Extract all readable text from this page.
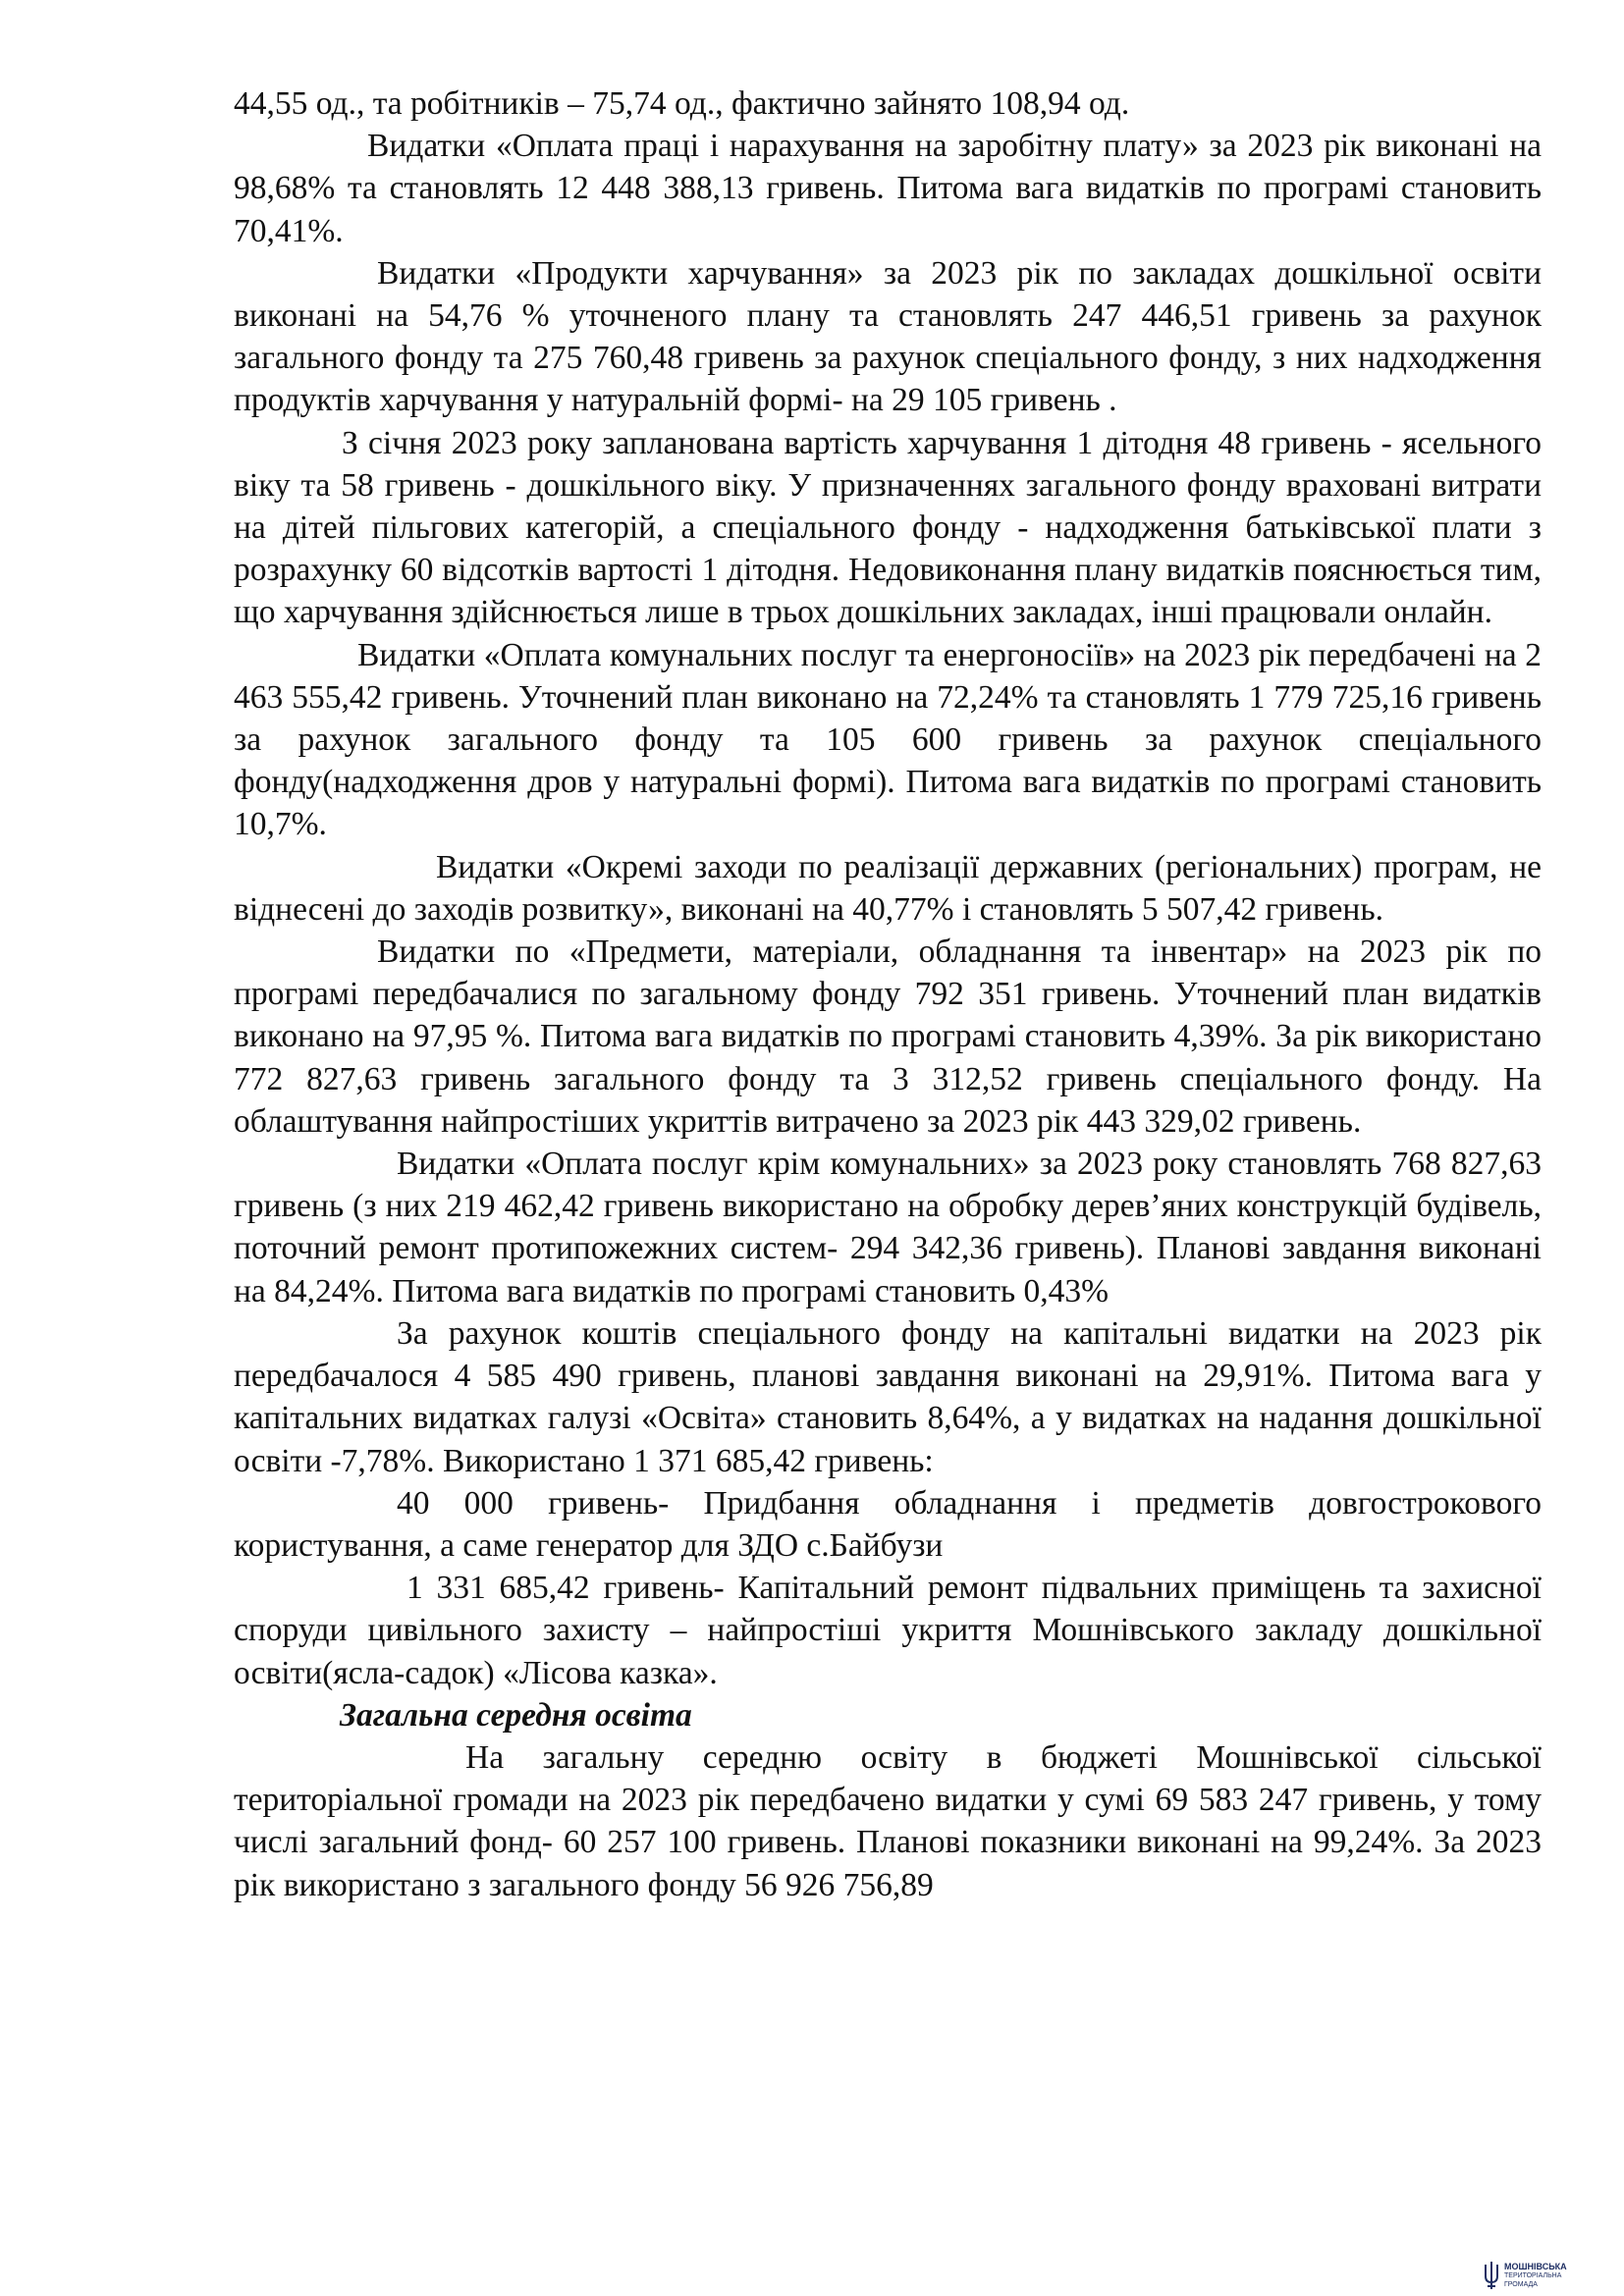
44,55 од., та робітників – 75,74 од., фактично зайнято 108,94 од.

Видатки «Оплата праці і нарахування на заробітну плату» за 2023 рік виконані на 98,68% та становлять 12 448 388,13 гривень. Питома вага видатків по програмі становить 70,41%.

Видатки «Продукти харчування» за 2023 рік по закладах дошкільної освіти виконані на 54,76 % уточненого плану та становлять 247 446,51 гривень за рахунок загального фонду та 275 760,48 гривень за рахунок спеціального фонду, з них надходження продуктів харчування у натуральній формі- на 29 105 гривень .

З січня 2023 року запланована вартість харчування 1 дітодня 48 гривень - ясельного віку та 58 гривень - дошкільного віку. У призначеннях загального фонду враховані витрати на дітей пільгових категорій, а спеціального фонду - надходження батьківської плати з розрахунку 60 відсотків вартості 1 дітодня. Недовиконання плану видатків пояснюється тим, що харчування здійснюється лише в трьох дошкільних закладах, інші працювали онлайн.

Видатки «Оплата комунальних послуг та енергоносіїв» на 2023 рік передбачені на 2 463 555,42 гривень. Уточнений план виконано на 72,24% та становлять 1 779 725,16 гривень за рахунок загального фонду та 105 600 гривень за рахунок спеціального фонду(надходження дров у натуральні формі). Питома вага видатків по програмі становить 10,7%.

Видатки «Окремі заходи по реалізації державних (регіональних) програм, не віднесені до заходів розвитку», виконані на 40,77% і становлять 5 507,42 гривень.

Видатки по «Предмети, матеріали, обладнання та інвентар» на 2023 рік по програмі передбачалися по загальному фонду 792 351 гривень. Уточнений план видатків виконано на 97,95 %. Питома вага видатків по програмі становить 4,39%. За рік використано 772 827,63 гривень загального фонду та 3 312,52 гривень спеціального фонду. На облаштування найпростіших укриттів витрачено за 2023 рік 443 329,02 гривень.

Видатки «Оплата послуг крім комунальних» за 2023 року становлять 768 827,63 гривень (з них 219 462,42 гривень використано на обробку дерев’яних конструкцій будівель, поточний ремонт протипожежних систем- 294 342,36 гривень). Планові завдання виконані на 84,24%. Питома вага видатків по програмі становить 0,43%

За рахунок коштів спеціального фонду на капітальні видатки на 2023 рік передбачалося 4 585 490 гривень, планові завдання виконані на 29,91%. Питома вага у капітальних видатках галузі «Освіта» становить 8,64%, а у видатках на надання дошкільної освіти -7,78%. Використано 1 371 685,42 гривень:

40 000 гривень- Придбання обладнання і предметів довгострокового користування, а саме генератор для ЗДО с.Байбузи

1 331 685,42 гривень- Капітальний ремонт підвальних приміщень та захисної споруди цивільного захисту – найпростіші укриття Мошнівського закладу дошкільної освіти(ясла-садок) «Лісова казка».

Загальна середня освіта

На загальну середню освіту в бюджеті Мошнівської сільської територіальної громади на 2023 рік передбачено видатки у сумі 69 583 247 гривень, у тому числі загальний фонд- 60 257 100 гривень. Планові показники виконані на 99,24%. За 2023 рік використано з загального фонду 56 926 756,89

МОШНІВСЬКА
ТЕРИТОРІАЛЬНА
ГРОМАДА
